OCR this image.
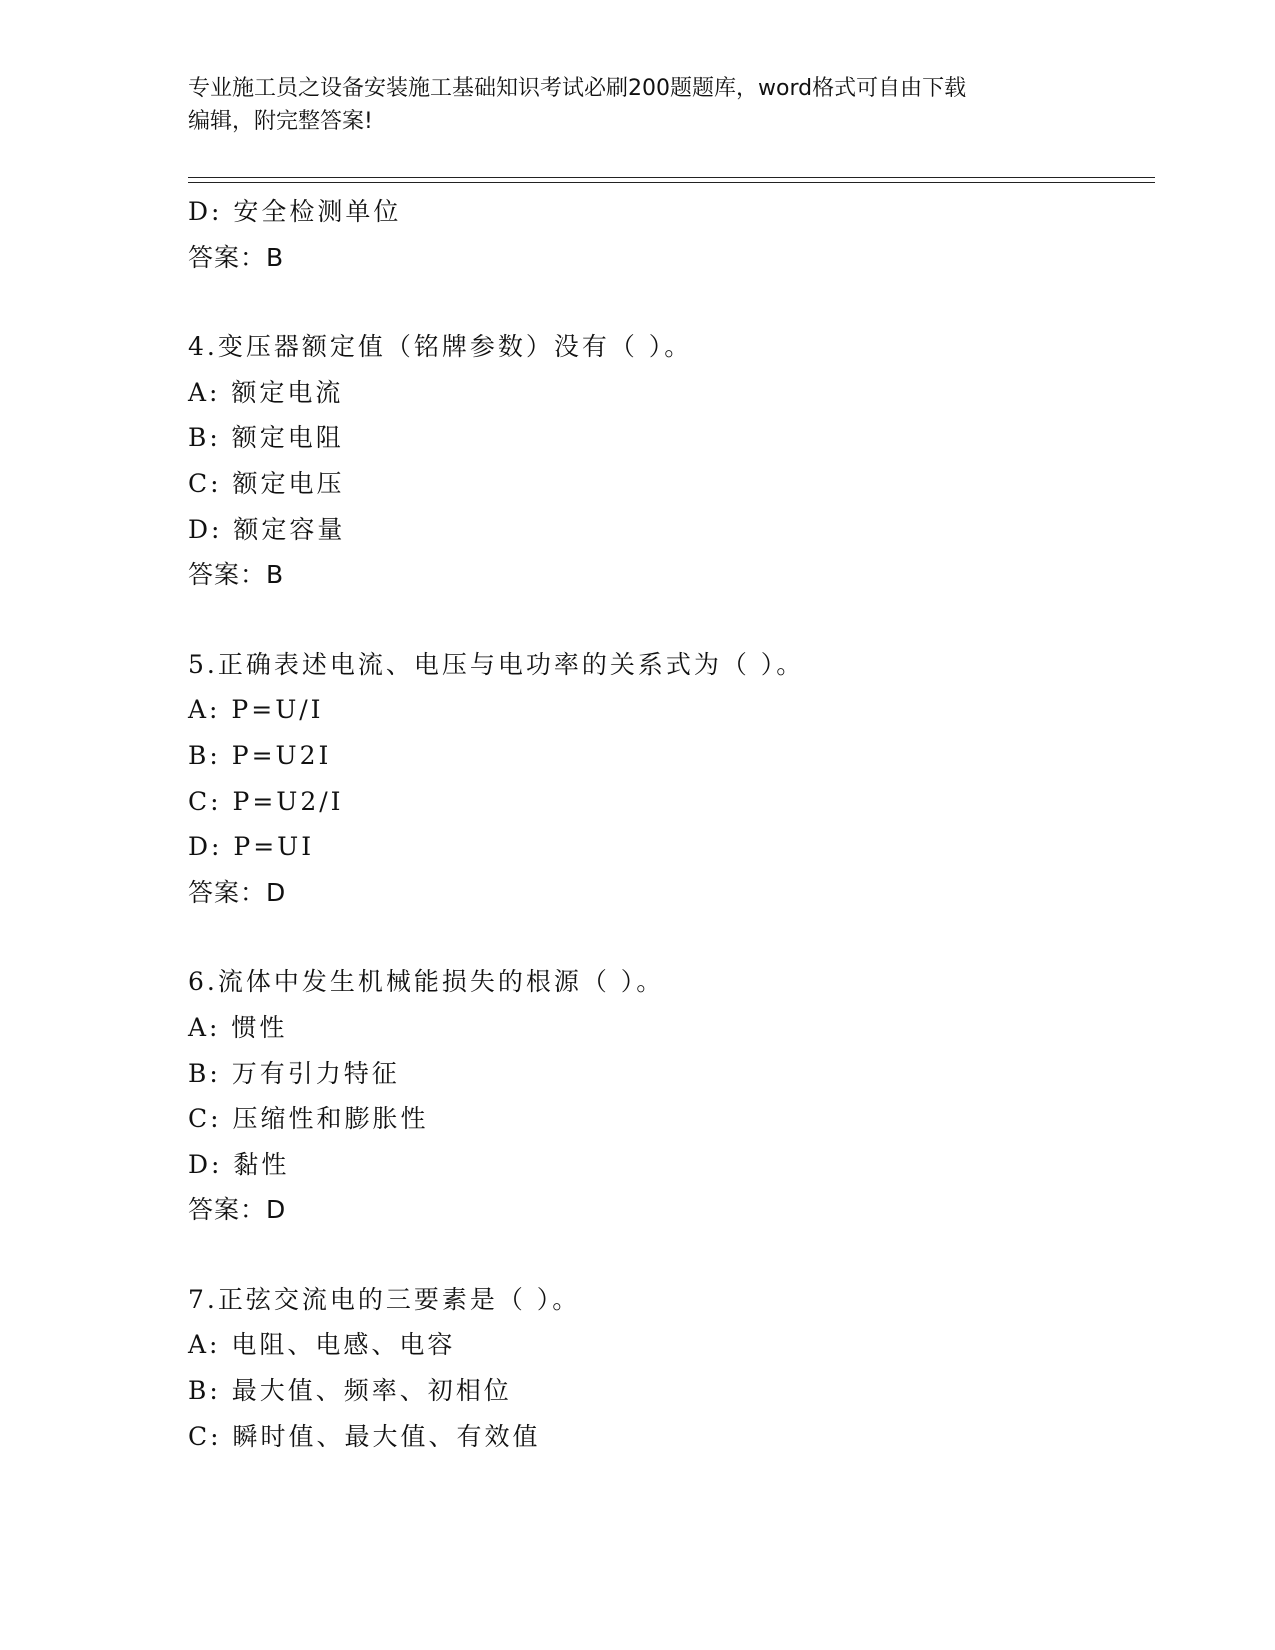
专业施工员之设备安装施工基础知识考试必刷200题题库，word格式可自由下载
编辑，附完整答案!
D: 安全检测单位
答案：B
4.变压器额定值（铭牌参数）没有（ ）。
A: 额定电流
B: 额定电阻
C: 额定电压
D: 额定容量
答案：B
5.正确表述电流、电压与电功率的关系式为（ ）。
A: P=U/I
B: P=U2I
C: P=U2/I
D: P=UI
答案：D
6.流体中发生机械能损失的根源（ ）。
A: 惯性
B: 万有引力特征
C: 压缩性和膨胀性
D: 黏性
答案：D
7.正弦交流电的三要素是（ ）。
A: 电阻、电感、电容
B: 最大值、频率、初相位
C: 瞬时值、最大值、有效值
